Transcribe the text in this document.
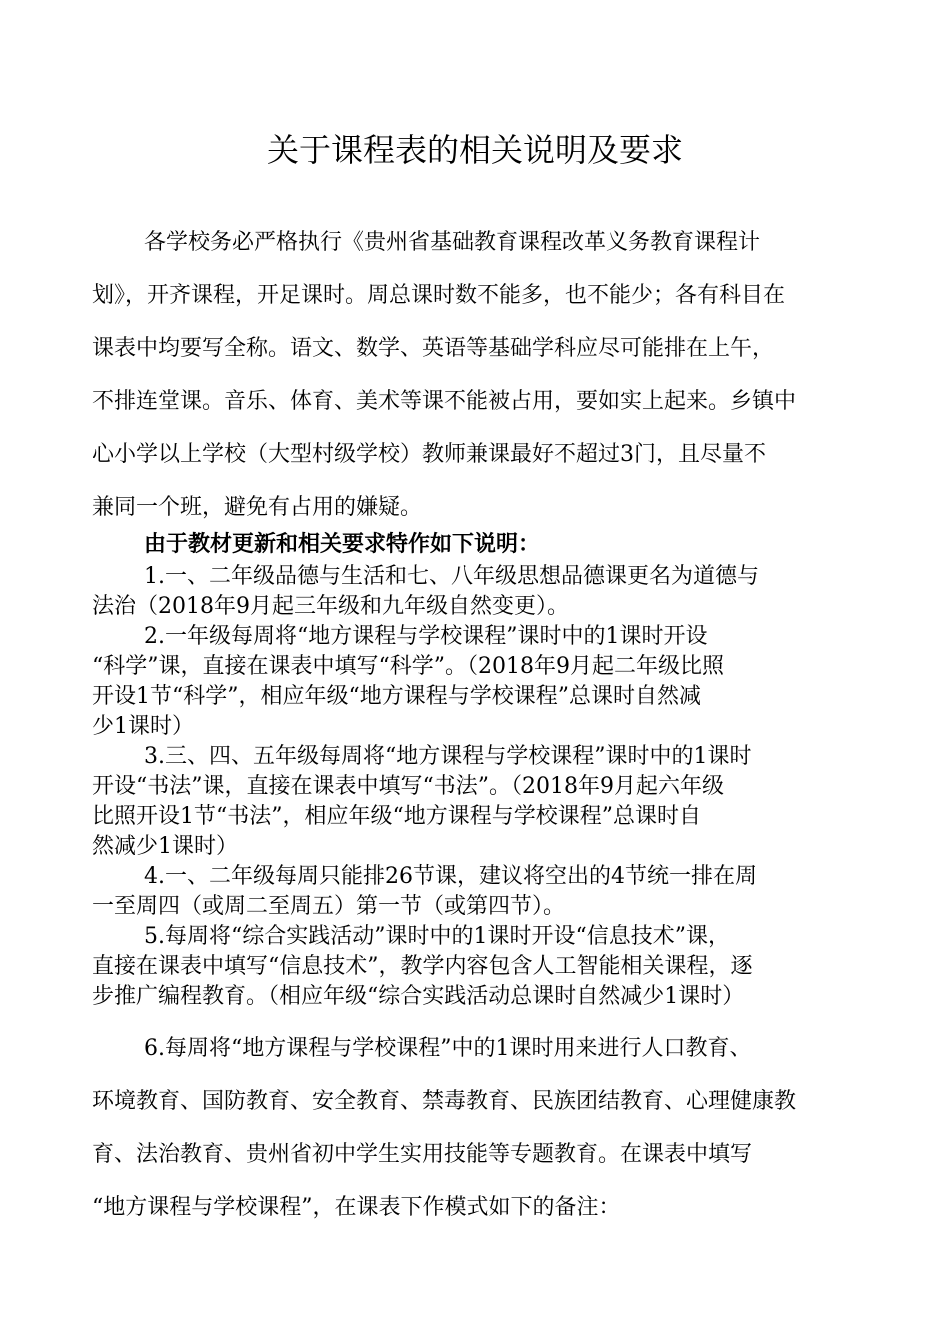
关于课程表的相关说明及要求
各学校务必严格执行《贵州省基础教育课程改革义务教育课程计
划》，开齐课程，开足课时。周总课时数不能多，也不能少；各有科目在
课表中均要写全称。语文、数学、英语等基础学科应尽可能排在上午，
不排连堂课。音乐、体育、美术等课不能被占用，要如实上起来。乡镇中
心小学以上学校（大型村级学校）教师兼课最好不超过3门，且尽量不
兼同一个班，避免有占用的嫌疑。
由于教材更新和相关要求特作如下说明：
1.一、二年级品德与生活和七、八年级思想品德课更名为道德与
法治（2018年9月起三年级和九年级自然变更）。
2.一年级每周将“地方课程与学校课程”课时中的1课时开设
“科学”课，直接在课表中填写“科学”。（2018年9月起二年级比照
开设1节“科学”，相应年级“地方课程与学校课程”总课时自然减
少1课时）
3.三、四、五年级每周将“地方课程与学校课程”课时中的1课时
开设“书法”课，直接在课表中填写“书法”。（2018年9月起六年级
比照开设1节“书法”，相应年级“地方课程与学校课程”总课时自
然减少1课时）
4.一、二年级每周只能排26节课，建议将空出的4节统一排在周
一至周四（或周二至周五）第一节（或第四节）。
5.每周将“综合实践活动”课时中的1课时开设“信息技术”课，
直接在课表中填写“信息技术”，教学内容包含人工智能相关课程，逐
步推广编程教育。（相应年级“综合实践活动总课时自然减少1课时）
6.每周将“地方课程与学校课程”中的1课时用来进行人口教育、
环境教育、国防教育、安全教育、禁毒教育、民族团结教育、心理健康教
育、法治教育、贵州省初中学生实用技能等专题教育。在课表中填写
“地方课程与学校课程”，在课表下作模式如下的备注：
